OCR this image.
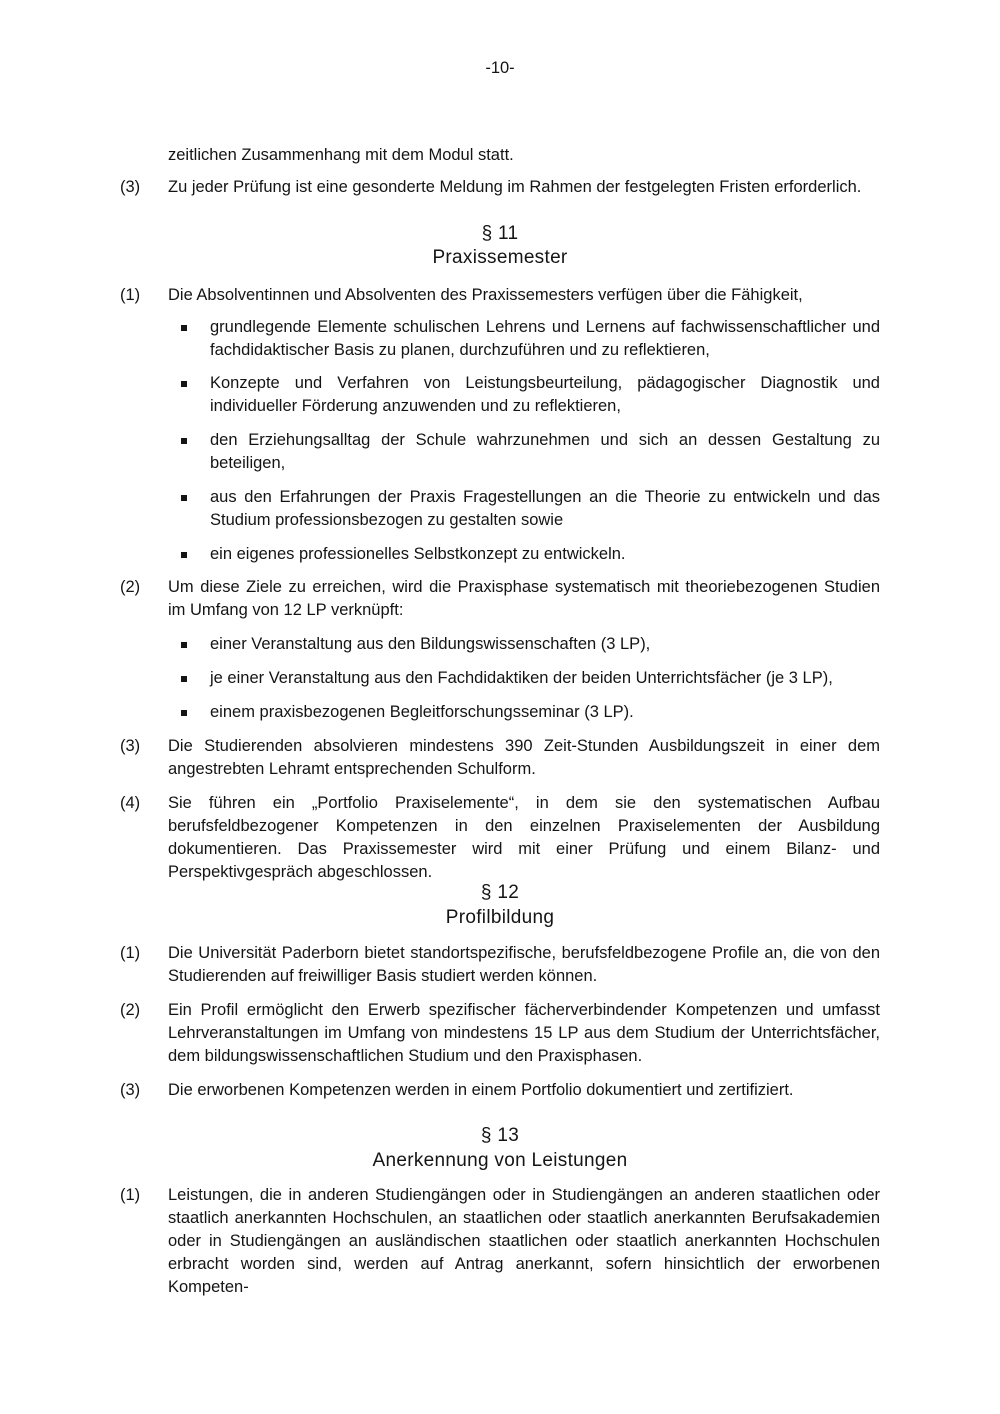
-10-
zeitlichen Zusammenhang mit dem Modul statt.
(3) Zu jeder Prüfung ist eine gesonderte Meldung im Rahmen der festgelegten Fristen erforderlich.
§ 11
Praxissemester
(1) Die Absolventinnen und Absolventen des Praxissemesters verfügen über die Fähigkeit,
grundlegende Elemente schulischen Lehrens und Lernens auf fachwissenschaftlicher und fachdidaktischer Basis zu planen, durchzuführen und zu reflektieren,
Konzepte und Verfahren von Leistungsbeurteilung, pädagogischer Diagnostik und individueller Förderung anzuwenden und zu reflektieren,
den Erziehungsalltag der Schule wahrzunehmen und sich an dessen Gestaltung zu beteiligen,
aus den Erfahrungen der Praxis Fragestellungen an die Theorie zu entwickeln und das Studium professionsbezogen zu gestalten sowie
ein eigenes professionelles Selbstkonzept zu entwickeln.
(2) Um diese Ziele zu erreichen, wird die Praxisphase systematisch mit theoriebezogenen Studien im Umfang von 12 LP verknüpft:
einer Veranstaltung aus den Bildungswissenschaften (3 LP),
je einer Veranstaltung aus den Fachdidaktiken der beiden Unterrichtsfächer (je 3 LP),
einem praxisbezogenen Begleitforschungsseminar (3 LP).
(3) Die Studierenden absolvieren mindestens 390 Zeit-Stunden Ausbildungszeit in einer dem angestrebten Lehramt entsprechenden Schulform.
(4) Sie führen ein „Portfolio Praxiselemente“, in dem sie den systematischen Aufbau berufsfeldbezogener Kompetenzen in den einzelnen Praxiselementen der Ausbildung dokumentieren. Das Praxissemester wird mit einer Prüfung und einem Bilanz- und Perspektivgespräch abgeschlossen.
§ 12
Profilbildung
(1) Die Universität Paderborn bietet standortspezifische, berufsfeldbezogene Profile an, die von den Studierenden auf freiwilliger Basis studiert werden können.
(2) Ein Profil ermöglicht den Erwerb spezifischer fächerverbindender Kompetenzen und umfasst Lehrveranstaltungen im Umfang von mindestens 15 LP aus dem Studium der Unterrichtsfächer, dem bildungswissenschaftlichen Studium und den Praxisphasen.
(3) Die erworbenen Kompetenzen werden in einem Portfolio dokumentiert und zertifiziert.
§ 13
Anerkennung von Leistungen
(1) Leistungen, die in anderen Studiengängen oder in Studiengängen an anderen staatlichen oder staatlich anerkannten Hochschulen, an staatlichen oder staatlich anerkannten Berufsakademien oder in Studiengängen an ausländischen staatlichen oder staatlich anerkannten Hochschulen erbracht worden sind, werden auf Antrag anerkannt, sofern hinsichtlich der erworbenen Kompeten-
